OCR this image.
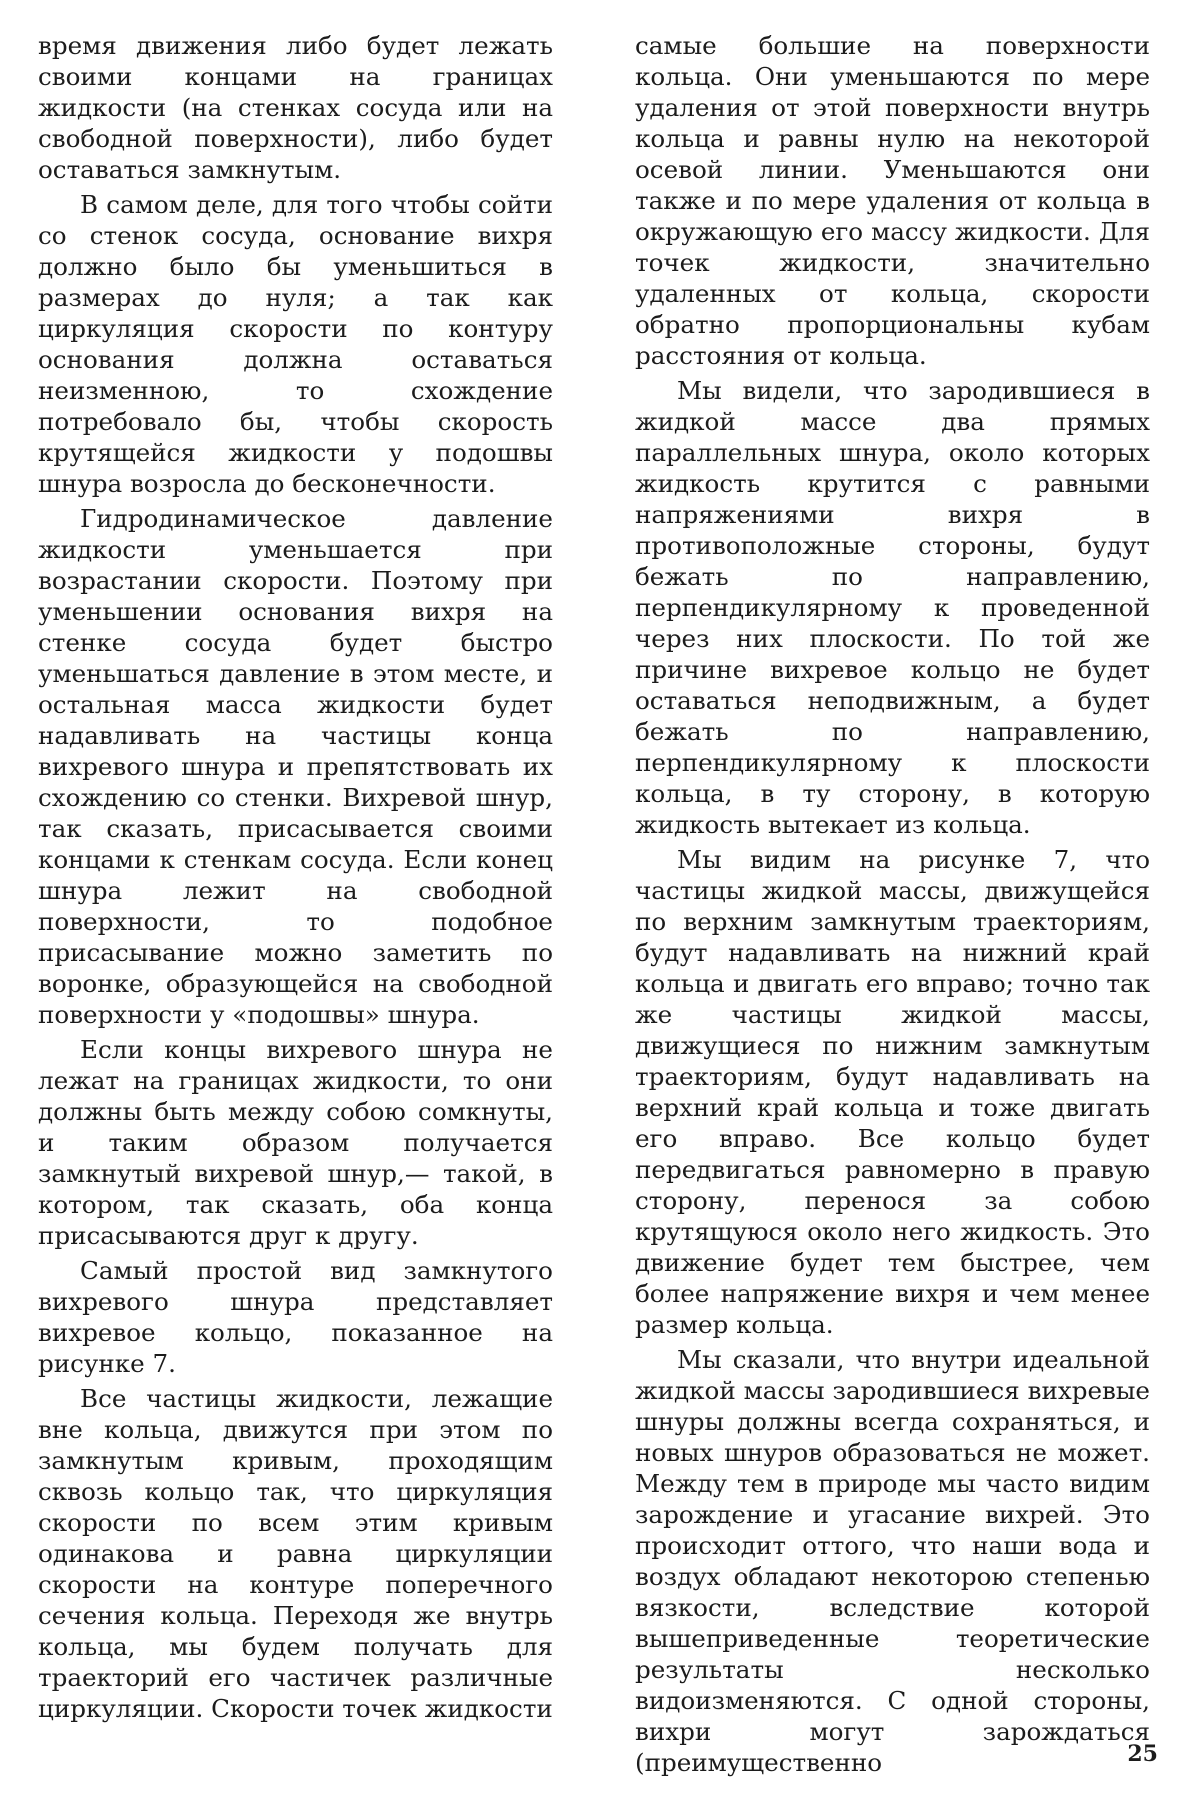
время движения либо будет лежать своими концами на границах жидкости (на стенках сосуда или на свободной поверхности), либо будет оставаться замкнутым.

В самом деле, для того чтобы сойти со стенок сосуда, основание вихря должно было бы уменьшиться в размерах до нуля; а так как циркуляция скорости по контуру основания должна оставаться неизменною, то схождение потребовало бы, чтобы скорость крутящейся жидкости у подошвы шнура возросла до бесконечности.

Гидродинамическое давление жидкости уменьшается при возрастании скорости. Поэтому при уменьшении основания вихря на стенке сосуда будет быстро уменьшаться давление в этом месте, и остальная масса жидкости будет надавливать на частицы конца вихревого шнура и препятствовать их схождению со стенки. Вихревой шнур, так сказать, присасывается своими концами к стенкам сосуда. Если конец шнура лежит на свободной поверхности, то подобное присасывание можно заметить по воронке, образующейся на свободной поверхности у «подошвы» шнура.

Если концы вихревого шнура не лежат на границах жидкости, то они должны быть между собою сомкнуты, и таким образом получается замкнутый вихревой шнур,— такой, в котором, так сказать, оба конца присасываются друг к другу.

Самый простой вид замкнутого вихревого шнура представляет вихревое кольцо, показанное на рисунке 7.

Все частицы жидкости, лежащие вне кольца, движутся при этом по замкнутым кривым, проходящим сквозь кольцо так, что циркуляция скорости по всем этим кривым одинакова и равна циркуляции скорости на контуре поперечного сечения кольца. Переходя же внутрь кольца, мы будем получать для траекторий его частичек различные циркуляции. Скорости точек жидкости

самые большие на поверхности кольца. Они уменьшаются по мере удаления от этой поверхности внутрь кольца и равны нулю на некоторой осевой линии. Уменьшаются они также и по мере удаления от кольца в окружающую его массу жидкости. Для точек жидкости, значительно удаленных от кольца, скорости обратно пропорциональны кубам расстояния от кольца.

Мы видели, что зародившиеся в жидкой массе два прямых параллельных шнура, около которых жидкость крутится с равными напряжениями вихря в противоположные стороны, будут бежать по направлению, перпендикулярному к проведенной через них плоскости. По той же причине вихревое кольцо не будет оставаться неподвижным, а будет бежать по направлению, перпендикулярному к плоскости кольца, в ту сторону, в которую жидкость вытекает из кольца.

Мы видим на рисунке 7, что частицы жидкой массы, движущейся по верхним замкнутым траекториям, будут надавливать на нижний край кольца и двигать его вправо; точно так же частицы жидкой массы, движущиеся по нижним замкнутым траекториям, будут надавливать на верхний край кольца и тоже двигать его вправо. Все кольцо будет передвигаться равномерно в правую сторону, перенося за собою крутящуюся около него жидкость. Это движение будет тем быстрее, чем более напряжение вихря и чем менее размер кольца.

Мы сказали, что внутри идеальной жидкой массы зародившиеся вихревые шнуры должны всегда сохраняться, и новых шнуров образоваться не может. Между тем в природе мы часто видим зарождение и угасание вихрей. Это происходит оттого, что наши вода и воздух обладают некоторою степенью вязкости, вследствие которой вышеприведенные теоретические результаты несколько видоизменяются. С одной стороны, вихри могут зарождаться (преимущественно	25
